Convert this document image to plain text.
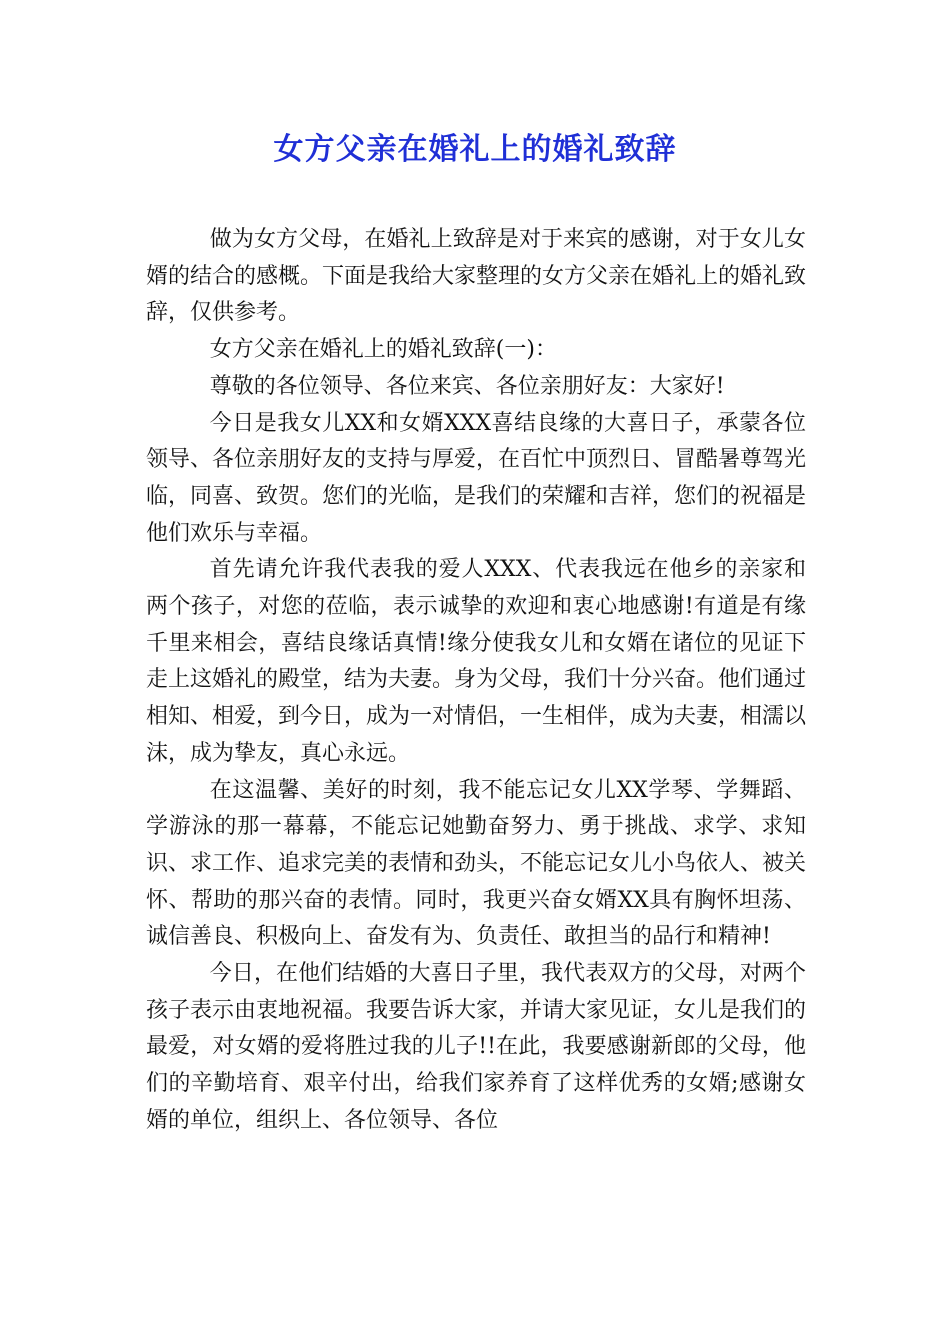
女方父亲在婚礼上的婚礼致辞

做为女方父母，在婚礼上致辞是对于来宾的感谢，对于女儿女婿的结合的感概。下面是我给大家整理的女方父亲在婚礼上的婚礼致辞，仅供参考。

女方父亲在婚礼上的婚礼致辞(一)：

尊敬的各位领导、各位来宾、各位亲朋好友：大家好!

今日是我女儿XX和女婿XXX喜结良缘的大喜日子，承蒙各位领导、各位亲朋好友的支持与厚爱，在百忙中顶烈日、冒酷暑尊驾光临，同喜、致贺。您们的光临，是我们的荣耀和吉祥，您们的祝福是他们欢乐与幸福。

首先请允许我代表我的爱人XXX、代表我远在他乡的亲家和两个孩子，对您的莅临，表示诚挚的欢迎和衷心地感谢!有道是有缘千里来相会，喜结良缘话真情!缘分使我女儿和女婿在诸位的见证下走上这婚礼的殿堂，结为夫妻。身为父母，我们十分兴奋。他们通过相知、相爱，到今日，成为一对情侣，一生相伴，成为夫妻，相濡以沫，成为挚友，真心永远。

在这温馨、美好的时刻，我不能忘记女儿XX学琴、学舞蹈、学游泳的那一幕幕，不能忘记她勤奋努力、勇于挑战、求学、求知识、求工作、追求完美的表情和劲头，不能忘记女儿小鸟依人、被关怀、帮助的那兴奋的表情。同时，我更兴奋女婿XX具有胸怀坦荡、诚信善良、积极向上、奋发有为、负责任、敢担当的品行和精神!

今日，在他们结婚的大喜日子里，我代表双方的父母，对两个孩子表示由衷地祝福。我要告诉大家，并请大家见证，女儿是我们的最爱，对女婿的爱将胜过我的儿子!!在此，我要感谢新郎的父母，他们的辛勤培育、艰辛付出，给我们家养育了这样优秀的女婿;感谢女婿的单位，组织上、各位领导、各位
